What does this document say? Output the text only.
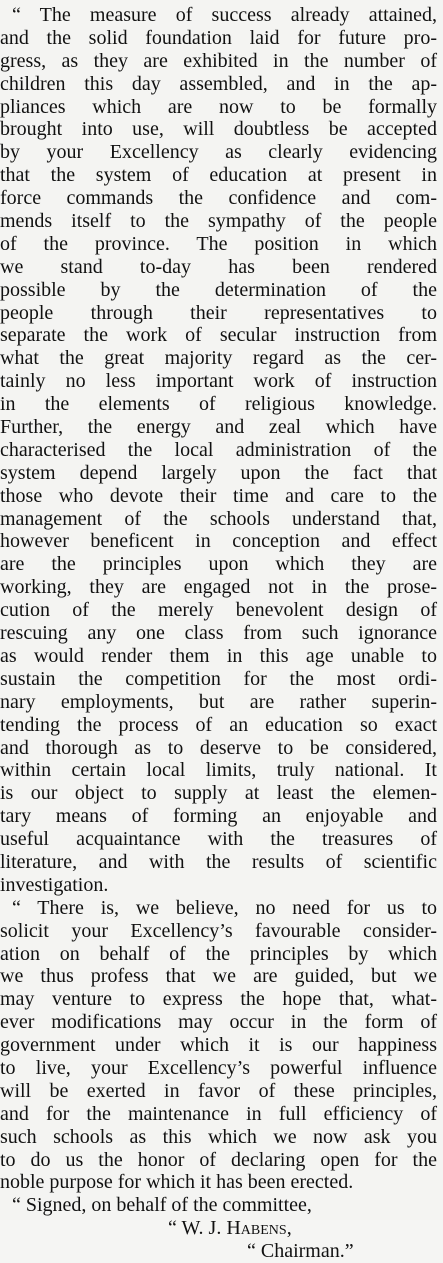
“ The measure of success already attained,
and the solid foundation laid for future pro-
gress, as they are exhibited in the number of
children this day assembled, and in the ap-
pliances which are now to be formally
brought into use, will doubtless be accepted
by your Excellency as clearly evidencing
that the system of education at present in
force commands the confidence and com-
mends itself to the sympathy of the people
of the province. The position in which
we stand to-day has been rendered
possible by the determination of the
people through their representatives to
separate the work of secular instruction from
what the great majority regard as the cer-
tainly no less important work of instruction
in the elements of religious knowledge.
Further, the energy and zeal which have
characterised the local administration of the
system depend largely upon the fact that
those who devote their time and care to the
management of the schools understand that,
however beneficent in conception and effect
are the principles upon which they are
working, they are engaged not in the prose-
cution of the merely benevolent design of
rescuing any one class from such ignorance
as would render them in this age unable to
sustain the competition for the most ordi-
nary employments, but are rather superin-
tending the process of an education so exact
and thorough as to deserve to be considered,
within certain local limits, truly national. It
is our object to supply at least the elemen-
tary means of forming an enjoyable and
useful acquaintance with the treasures of
literature, and with the results of scientific
investigation.
“ There is, we believe, no need for us to
solicit your Excellency’s favourable consider-
ation on behalf of the principles by which
we thus profess that we are guided, but we
may venture to express the hope that, what-
ever modifications may occur in the form of
government under which it is our happiness
to live, your Excellency’s powerful influence
will be exerted in favor of these principles,
and for the maintenance in full efficiency of
such schools as this which we now ask you
to do us the honor of declaring open for the
noble purpose for which it has been erected.
“ Signed, on behalf of the committee,
“ W. J. Habens,
“ Chairman.”
